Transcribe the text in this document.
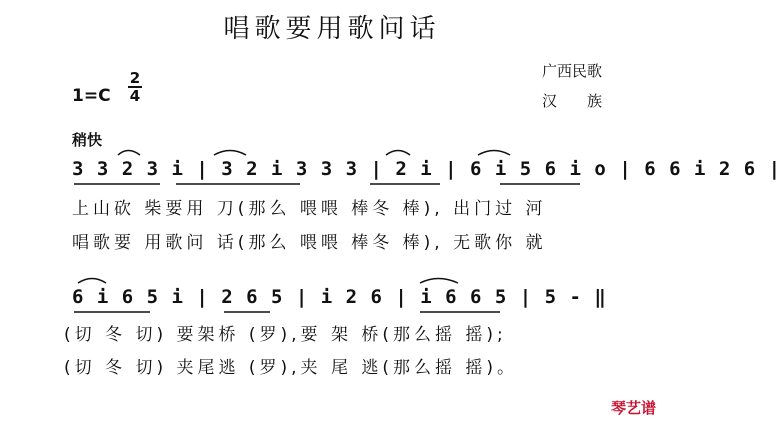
唱歌要用歌问话
广西民歌
汉　　族
1=C
2
4
稍快
3 3 2 3 i | 3 2 i 3 3 3 | 2 i | 6 i 5 6 i o | 6 6 i 2 6 |
上山砍 柴要用 刀(那么 喂喂 棒冬 棒), 出门过 河
唱歌要 用歌问 话(那么 喂喂 棒冬 棒), 无歌你 就
6 i 6 5 i | 2 6 5 | i 2 6 | i 6 6 5 | 5 - ‖
(切 冬 切) 要架桥 (罗),要 架 桥(那么摇 摇);
(切 冬 切) 夹尾逃 (罗),夹 尾 逃(那么摇 摇)。
琴艺谱
